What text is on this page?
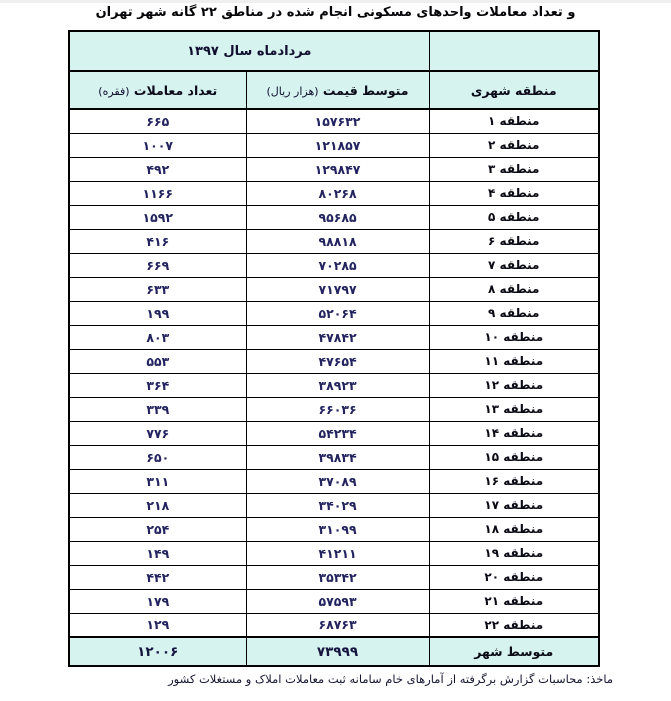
و تعداد معاملات واحدهای مسکونی انجام شده در مناطق ۲۲ گانه شهر تهران
	مردادماه سال ۱۳۹۷	
منطقه شهری	متوسط قیمت (هزار ریال)	تعداد معاملات (فقره)
منطقه ۱	۱۵۷۶۳۲	۶۶۵
منطقه ۲	۱۲۱۸۵۷	۱۰۰۷
منطقه ۳	۱۲۹۸۴۷	۴۹۲
منطقه ۴	۸۰۲۶۸	۱۱۶۶
منطقه ۵	۹۵۶۸۵	۱۵۹۲
منطقه ۶	۹۸۸۱۸	۴۱۶
منطقه ۷	۷۰۲۸۵	۶۶۹
منطقه ۸	۷۱۷۹۷	۶۳۳
منطقه ۹	۵۲۰۶۴	۱۹۹
منطقه ۱۰	۴۷۸۴۲	۸۰۳
منطقه ۱۱	۴۷۶۵۴	۵۵۳
منطقه ۱۲	۳۸۹۲۳	۳۶۴
منطقه ۱۳	۶۶۰۳۶	۳۳۹
منطقه ۱۴	۵۴۲۳۴	۷۷۶
منطقه ۱۵	۳۹۸۳۴	۶۵۰
منطقه ۱۶	۳۷۰۸۹	۳۱۱
منطقه ۱۷	۳۴۰۲۹	۲۱۸
منطقه ۱۸	۳۱۰۹۹	۲۵۴
منطقه ۱۹	۴۱۲۱۱	۱۴۹
منطقه ۲۰	۳۵۳۴۲	۴۴۲
منطقه ۲۱	۵۷۵۹۳	۱۷۹
منطقه ۲۲	۶۸۷۶۳	۱۲۹
متوسط شهر	۷۳۹۹۹	۱۲۰۰۶
ماخذ: محاسبات گزارش برگرفته از آمارهای خام سامانه ثبت معاملات املاک و مستغلات کشور
